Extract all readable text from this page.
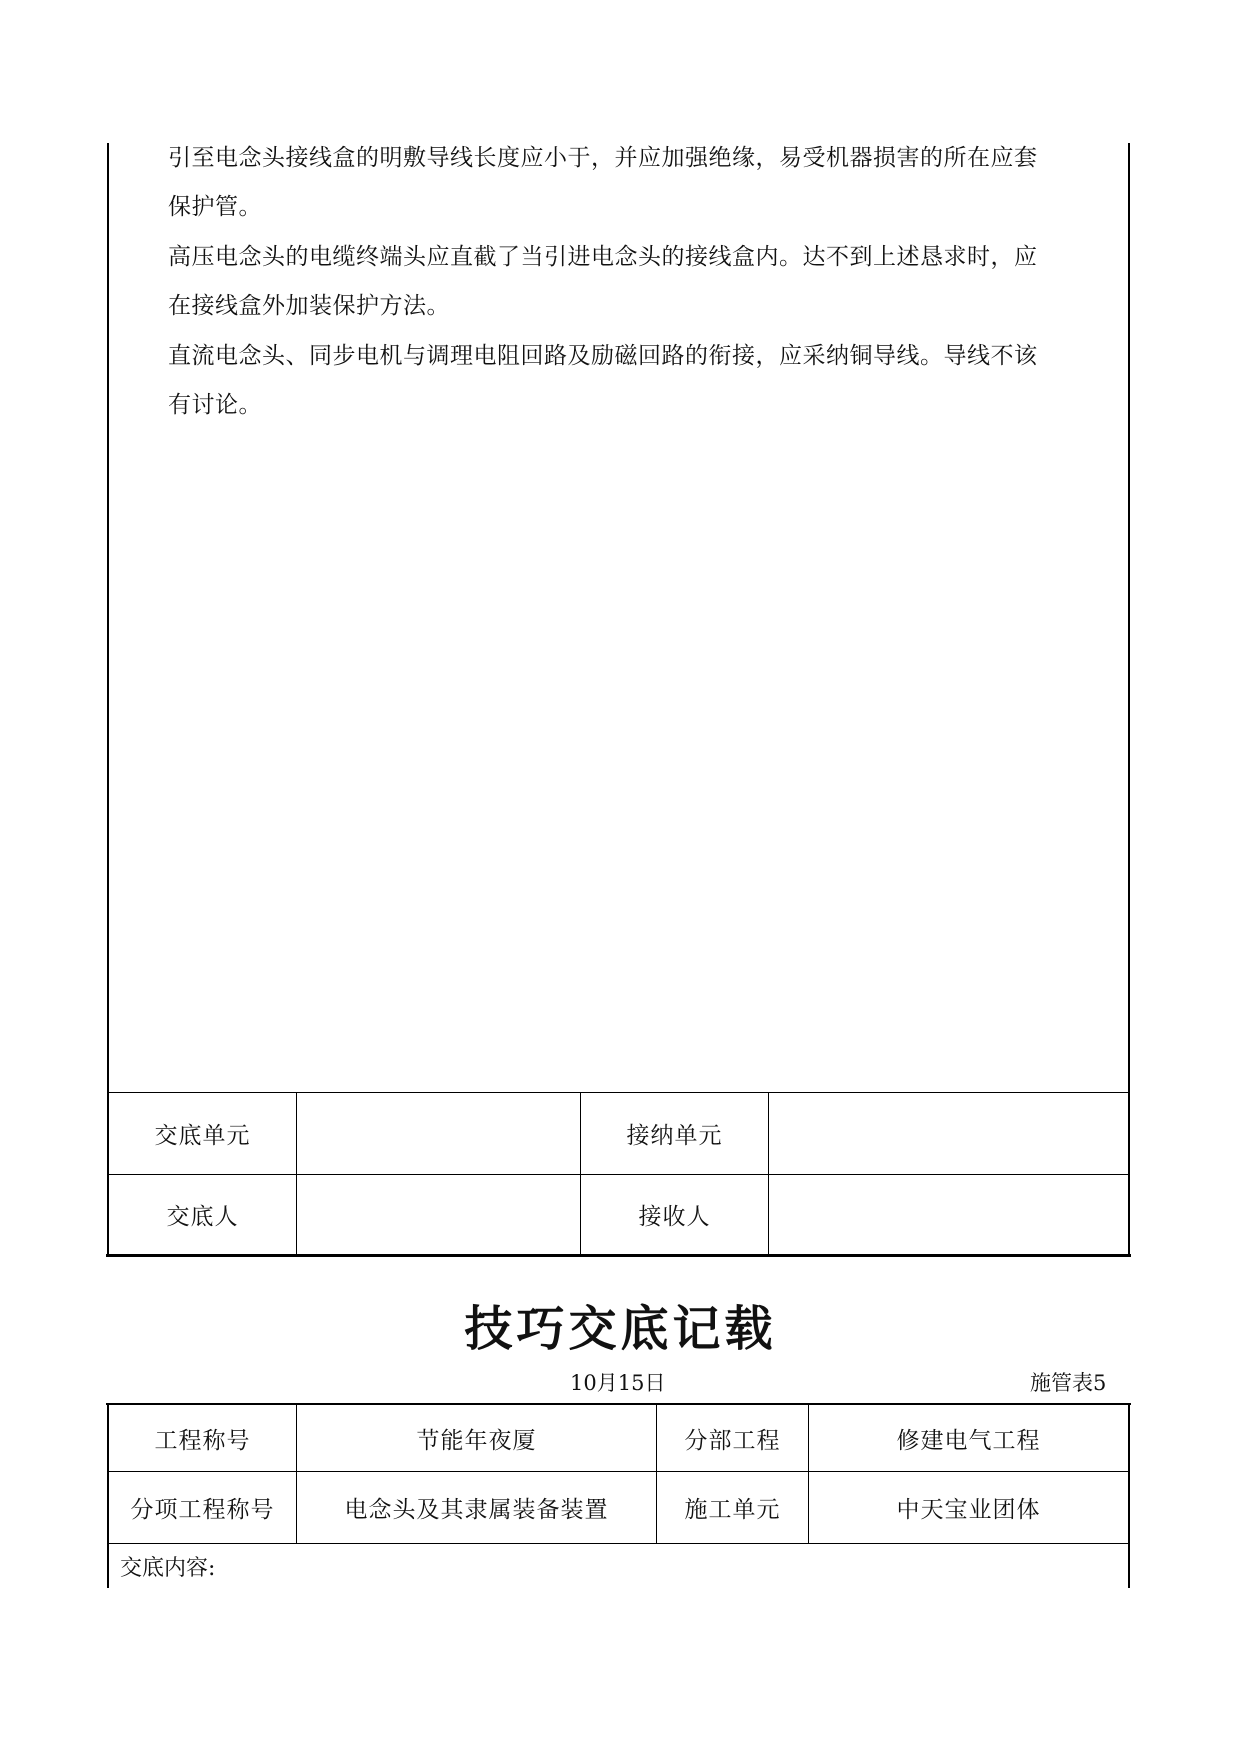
引至电念头接线盒的明敷导线长度应小于，并应加强绝缘，易受机器损害的所在应套
保护管。
高压电念头的电缆终端头应直截了当引进电念头的接线盒内。达不到上述恳求时，应
在接线盒外加装保护方法。
直流电念头、同步电机与调理电阻回路及励磁回路的衔接，应采纳铜导线。导线不该
有讨论。
交底单元	接纳单元
交底人	接收人
技巧交底记载
10月15日	施管表5
工程称号	节能年夜厦	分部工程	修建电气工程
分项工程称号	电念头及其隶属装备装置	施工单元	中天宝业团体
交底内容:
